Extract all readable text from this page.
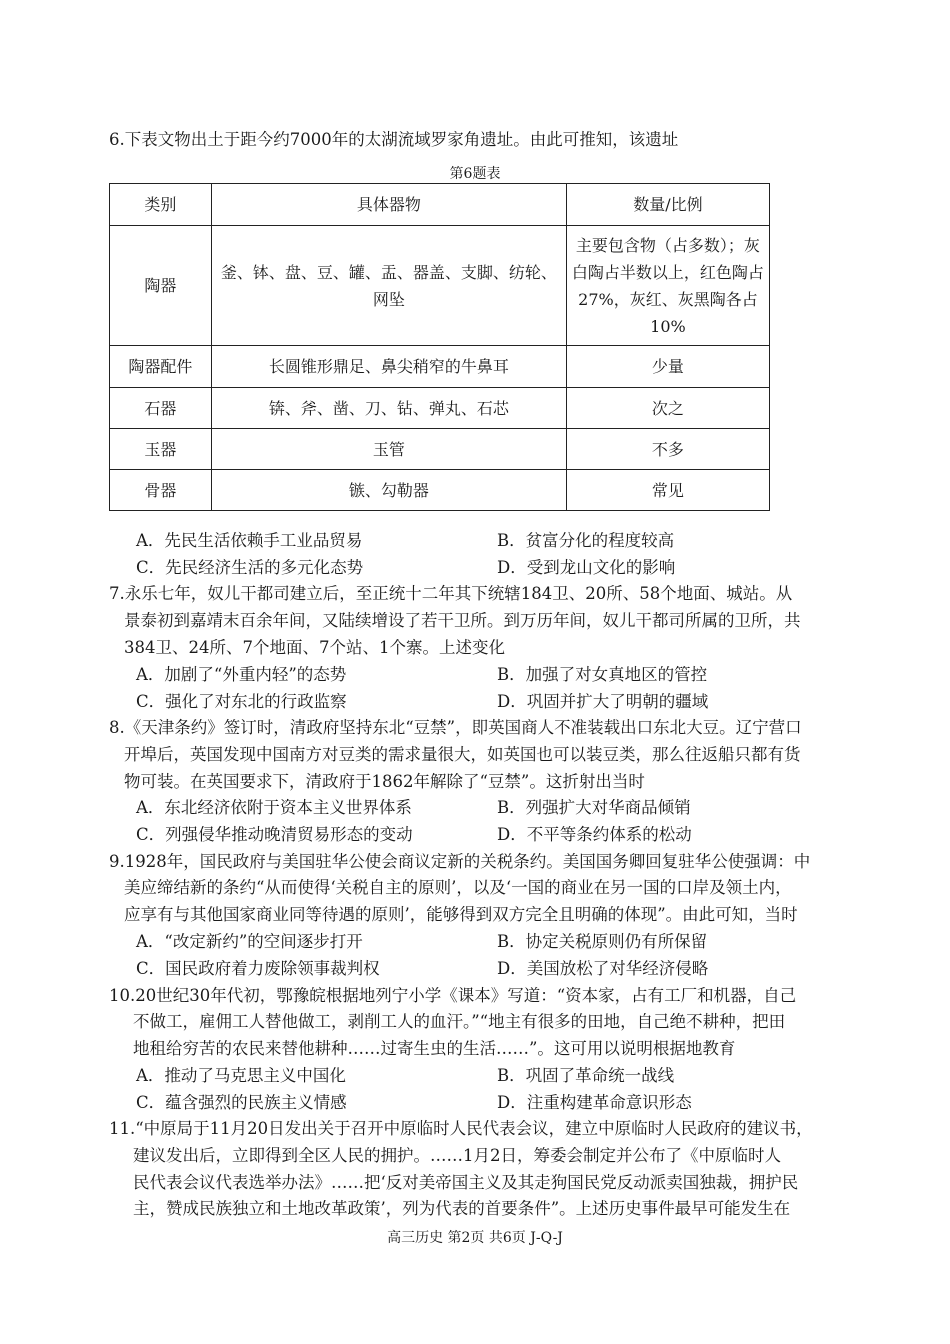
6.下表文物出土于距今约7000年的太湖流域罗家角遗址。由此可推知，该遗址
第6题表
类别	具体器物	数量/比例
陶器	釜、钵、盘、豆、罐、盂、器盖、支脚、纺轮、网坠	主要包含物（占多数）；灰白陶占半数以上，红色陶占27%，灰红、灰黑陶各占10%
陶器配件	长圆锥形鼎足、鼻尖稍窄的牛鼻耳	少量
石器	锛、斧、凿、刀、钻、弹丸、石芯	次之
玉器	玉管	不多
骨器	镞、勾勒器	常见
A．先民生活依赖手工业品贸易	B．贫富分化的程度较高
C．先民经济生活的多元化态势	D．受到龙山文化的影响
7.永乐七年，奴儿干都司建立后，至正统十二年其下统辖184卫、20所、58个地面、城站。从
景泰初到嘉靖末百余年间，又陆续增设了若干卫所。到万历年间，奴儿干都司所属的卫所，共
384卫、24所、7个地面、7个站、1个寨。上述变化
A．加剧了“外重内轻”的态势	B．加强了对女真地区的管控
C．强化了对东北的行政监察	D．巩固并扩大了明朝的疆域
8.《天津条约》签订时，清政府坚持东北“豆禁”，即英国商人不准装载出口东北大豆。辽宁营口
开埠后，英国发现中国南方对豆类的需求量很大，如英国也可以装豆类，那么往返船只都有货
物可装。在英国要求下，清政府于1862年解除了“豆禁”。这折射出当时
A．东北经济依附于资本主义世界体系	B．列强扩大对华商品倾销
C．列强侵华推动晚清贸易形态的变动	D．不平等条约体系的松动
9.1928年，国民政府与美国驻华公使会商议定新的关税条约。美国国务卿回复驻华公使强调：中
美应缔结新的条约“从而使得‘关税自主的原则’，以及‘一国的商业在另一国的口岸及领土内，
应享有与其他国家商业同等待遇的原则’，能够得到双方完全且明确的体现”。由此可知，当时
A．“改定新约”的空间逐步打开	B．协定关税原则仍有所保留
C．国民政府着力废除领事裁判权	D．美国放松了对华经济侵略
10.20世纪30年代初，鄂豫皖根据地列宁小学《课本》写道：“资本家，占有工厂和机器，自己
不做工，雇佣工人替他做工，剥削工人的血汗。”“地主有很多的田地，自己绝不耕种，把田
地租给穷苦的农民来替他耕种……过寄生虫的生活……”。这可用以说明根据地教育
A．推动了马克思主义中国化	B．巩固了革命统一战线
C．蕴含强烈的民族主义情感	D．注重构建革命意识形态
11.“中原局于11月20日发出关于召开中原临时人民代表会议，建立中原临时人民政府的建议书，
建议发出后，立即得到全区人民的拥护。……1月2日，筹委会制定并公布了《中原临时人
民代表会议代表选举办法》……把‘反对美帝国主义及其走狗国民党反动派卖国独裁，拥护民
主，赞成民族独立和土地改革政策’，列为代表的首要条件”。上述历史事件最早可能发生在
高三历史 第2页 共6页 J-Q-J
